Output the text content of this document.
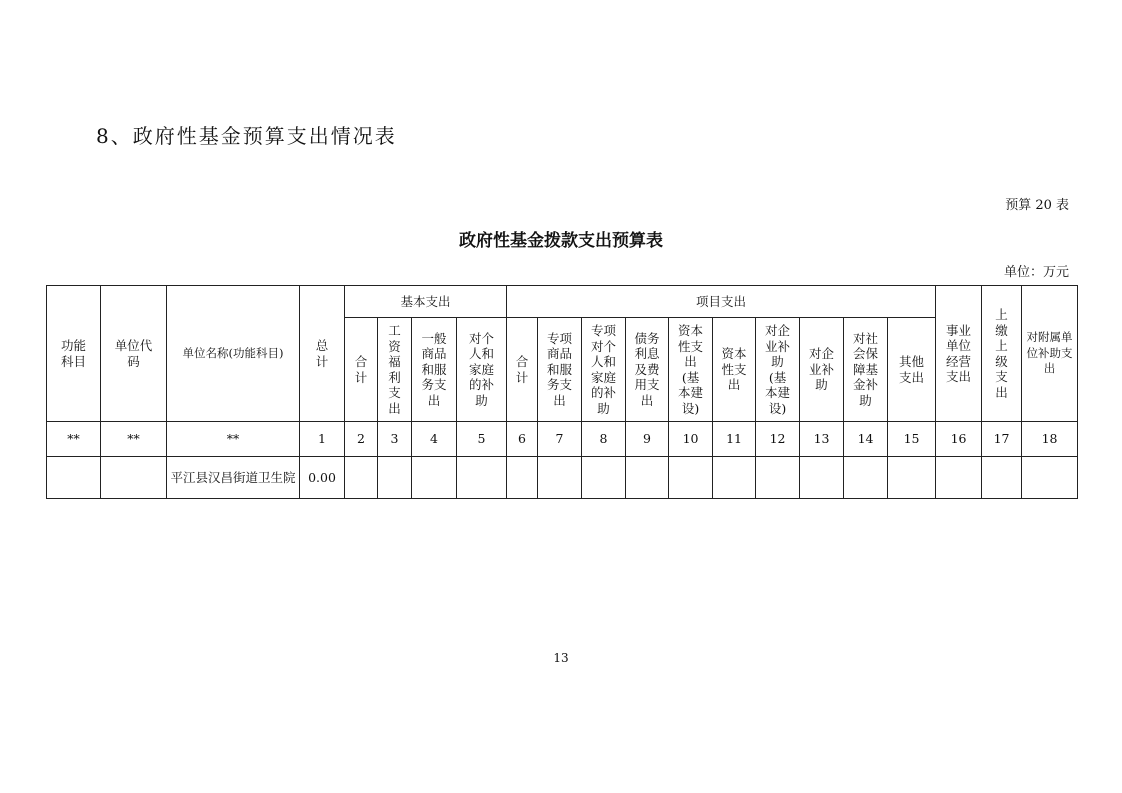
8、政府性基金预算支出情况表
预算 20 表
政府性基金拨款支出预算表
单位：万元
功能科目	单位代码	单位名称(功能科目)	总计	基本支出				项目支出										事业单位经营支出	上缴上级支出	对附属单位补助支出
				合计	工资福利支出	一般商品和服务支出	对个人和家庭的补助	合计	专项商品和服务支出	专项对个人和家庭的补助	债务利息及费用支出	资本性支出(基本建设)	资本性支出	对企业补助(基本建设)	对企业补助	对社会保障基金补助	其他支出			
**	**	**	1	2	3	4	5	6	7	8	9	10	11	12	13	14	15	16	17	18
		平江县汉昌街道卫生院	0.00																	
13
